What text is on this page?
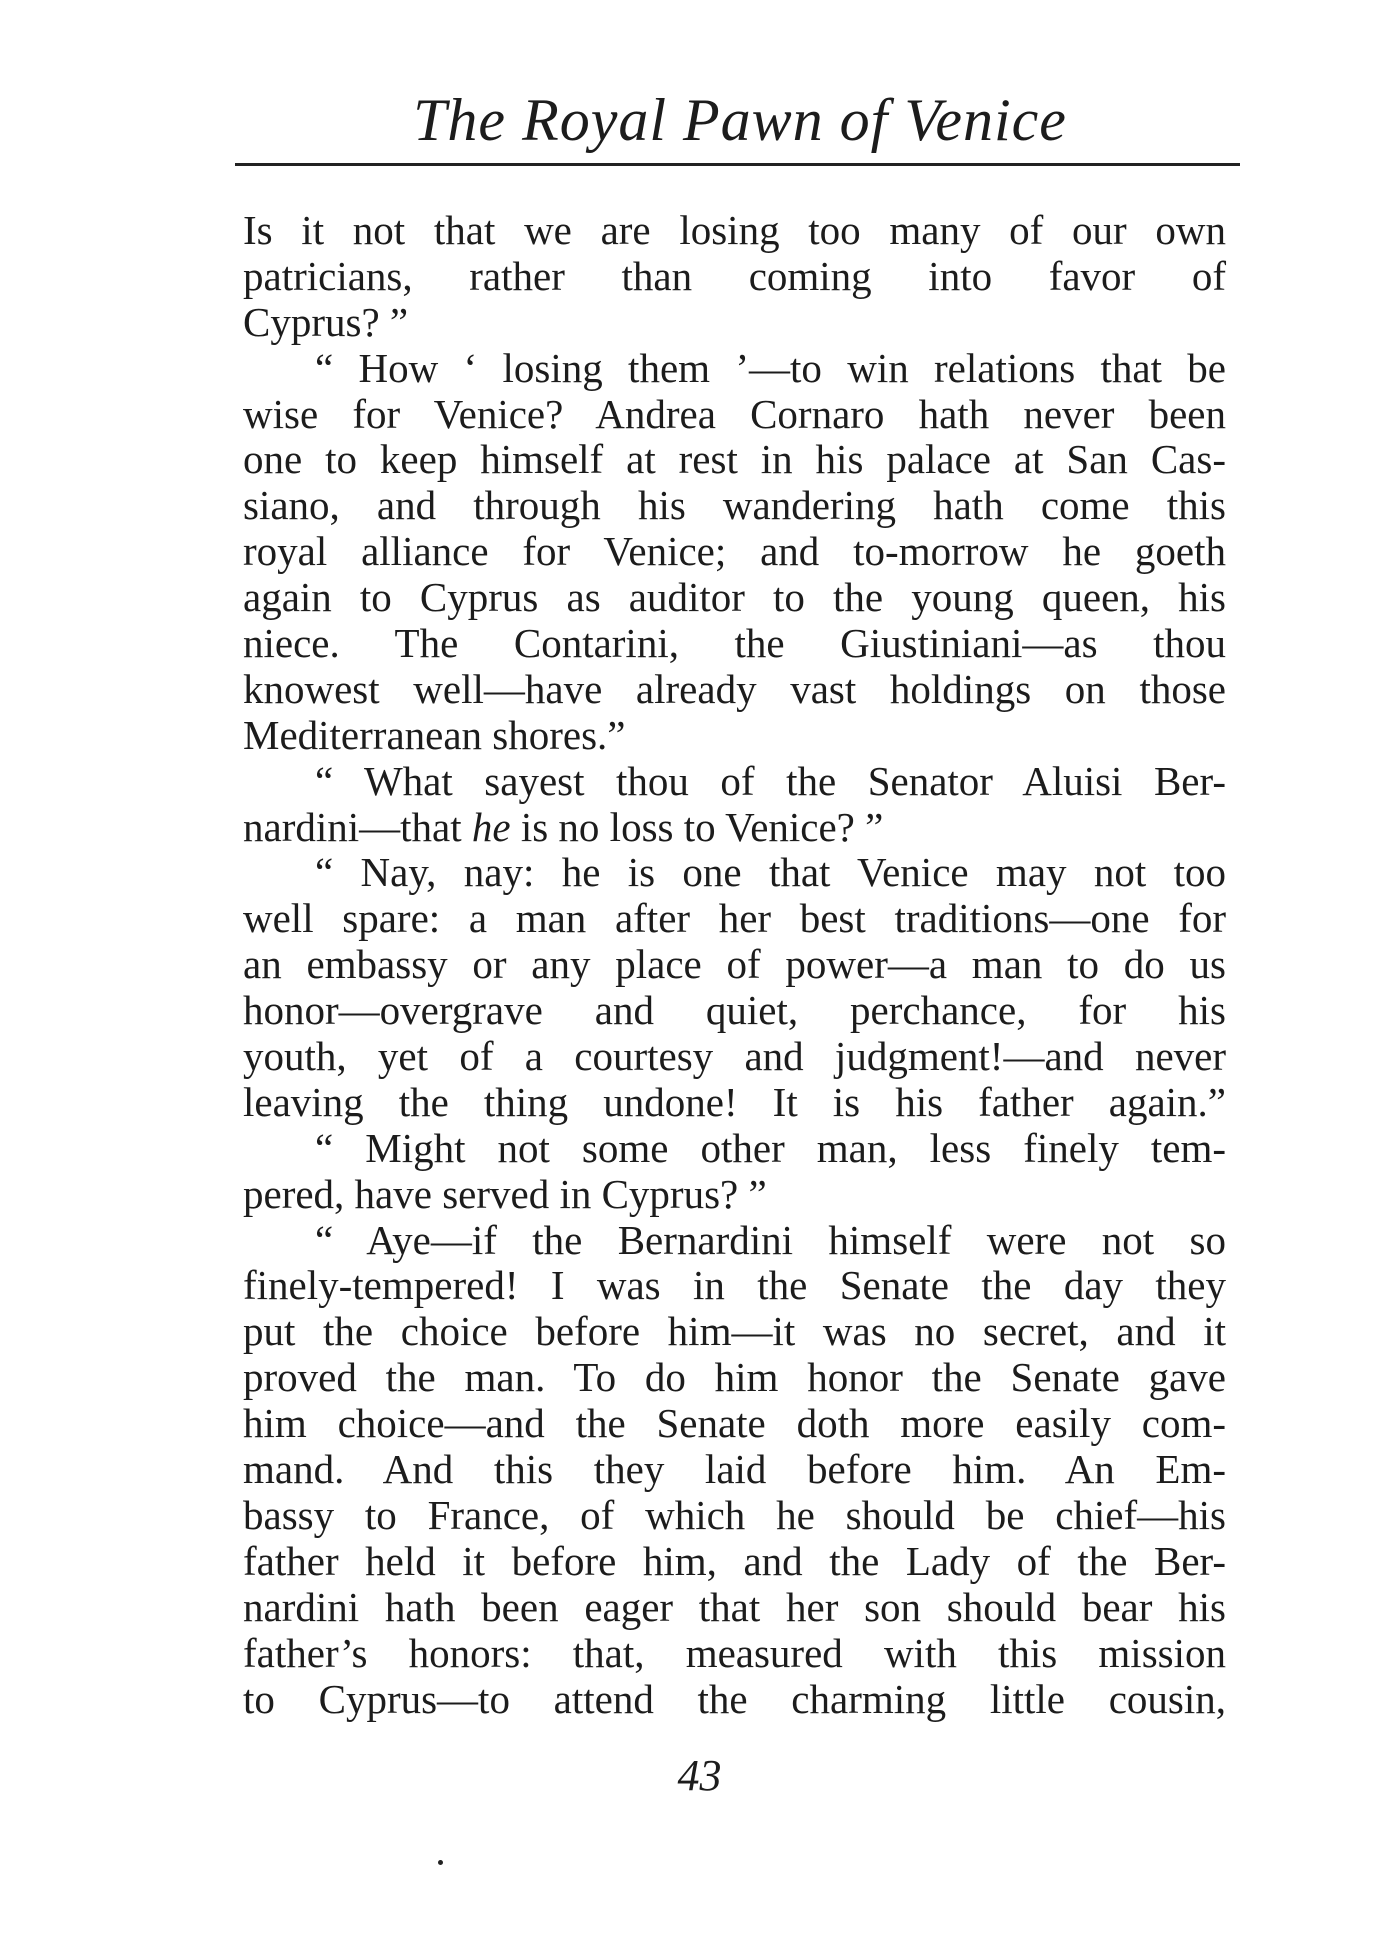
The Royal Pawn of Venice
Is it not that we are losing too many of our own
patricians, rather than coming into favor of
Cyprus? ”
“ How ‘ losing them ’—to win relations that be
wise for Venice? Andrea Cornaro hath never been
one to keep himself at rest in his palace at San Cas-
siano, and through his wandering hath come this
royal alliance for Venice; and to-morrow he goeth
again to Cyprus as auditor to the young queen, his
niece. The Contarini, the Giustiniani—as thou
knowest well—have already vast holdings on those
Mediterranean shores.”
“ What sayest thou of the Senator Aluisi Ber-
nardini—that he is no loss to Venice? ”
“ Nay, nay: he is one that Venice may not too
well spare: a man after her best traditions—one for
an embassy or any place of power—a man to do us
honor—overgrave and quiet, perchance, for his
youth, yet of a courtesy and judgment!—and never
leaving the thing undone! It is his father again.”
“ Might not some other man, less finely tem-
pered, have served in Cyprus? ”
“ Aye—if the Bernardini himself were not so
finely-tempered! I was in the Senate the day they
put the choice before him—it was no secret, and it
proved the man. To do him honor the Senate gave
him choice—and the Senate doth more easily com-
mand. And this they laid before him. An Em-
bassy to France, of which he should be chief—his
father held it before him, and the Lady of the Ber-
nardini hath been eager that her son should bear his
father’s honors: that, measured with this mission
to Cyprus—to attend the charming little cousin,
43
